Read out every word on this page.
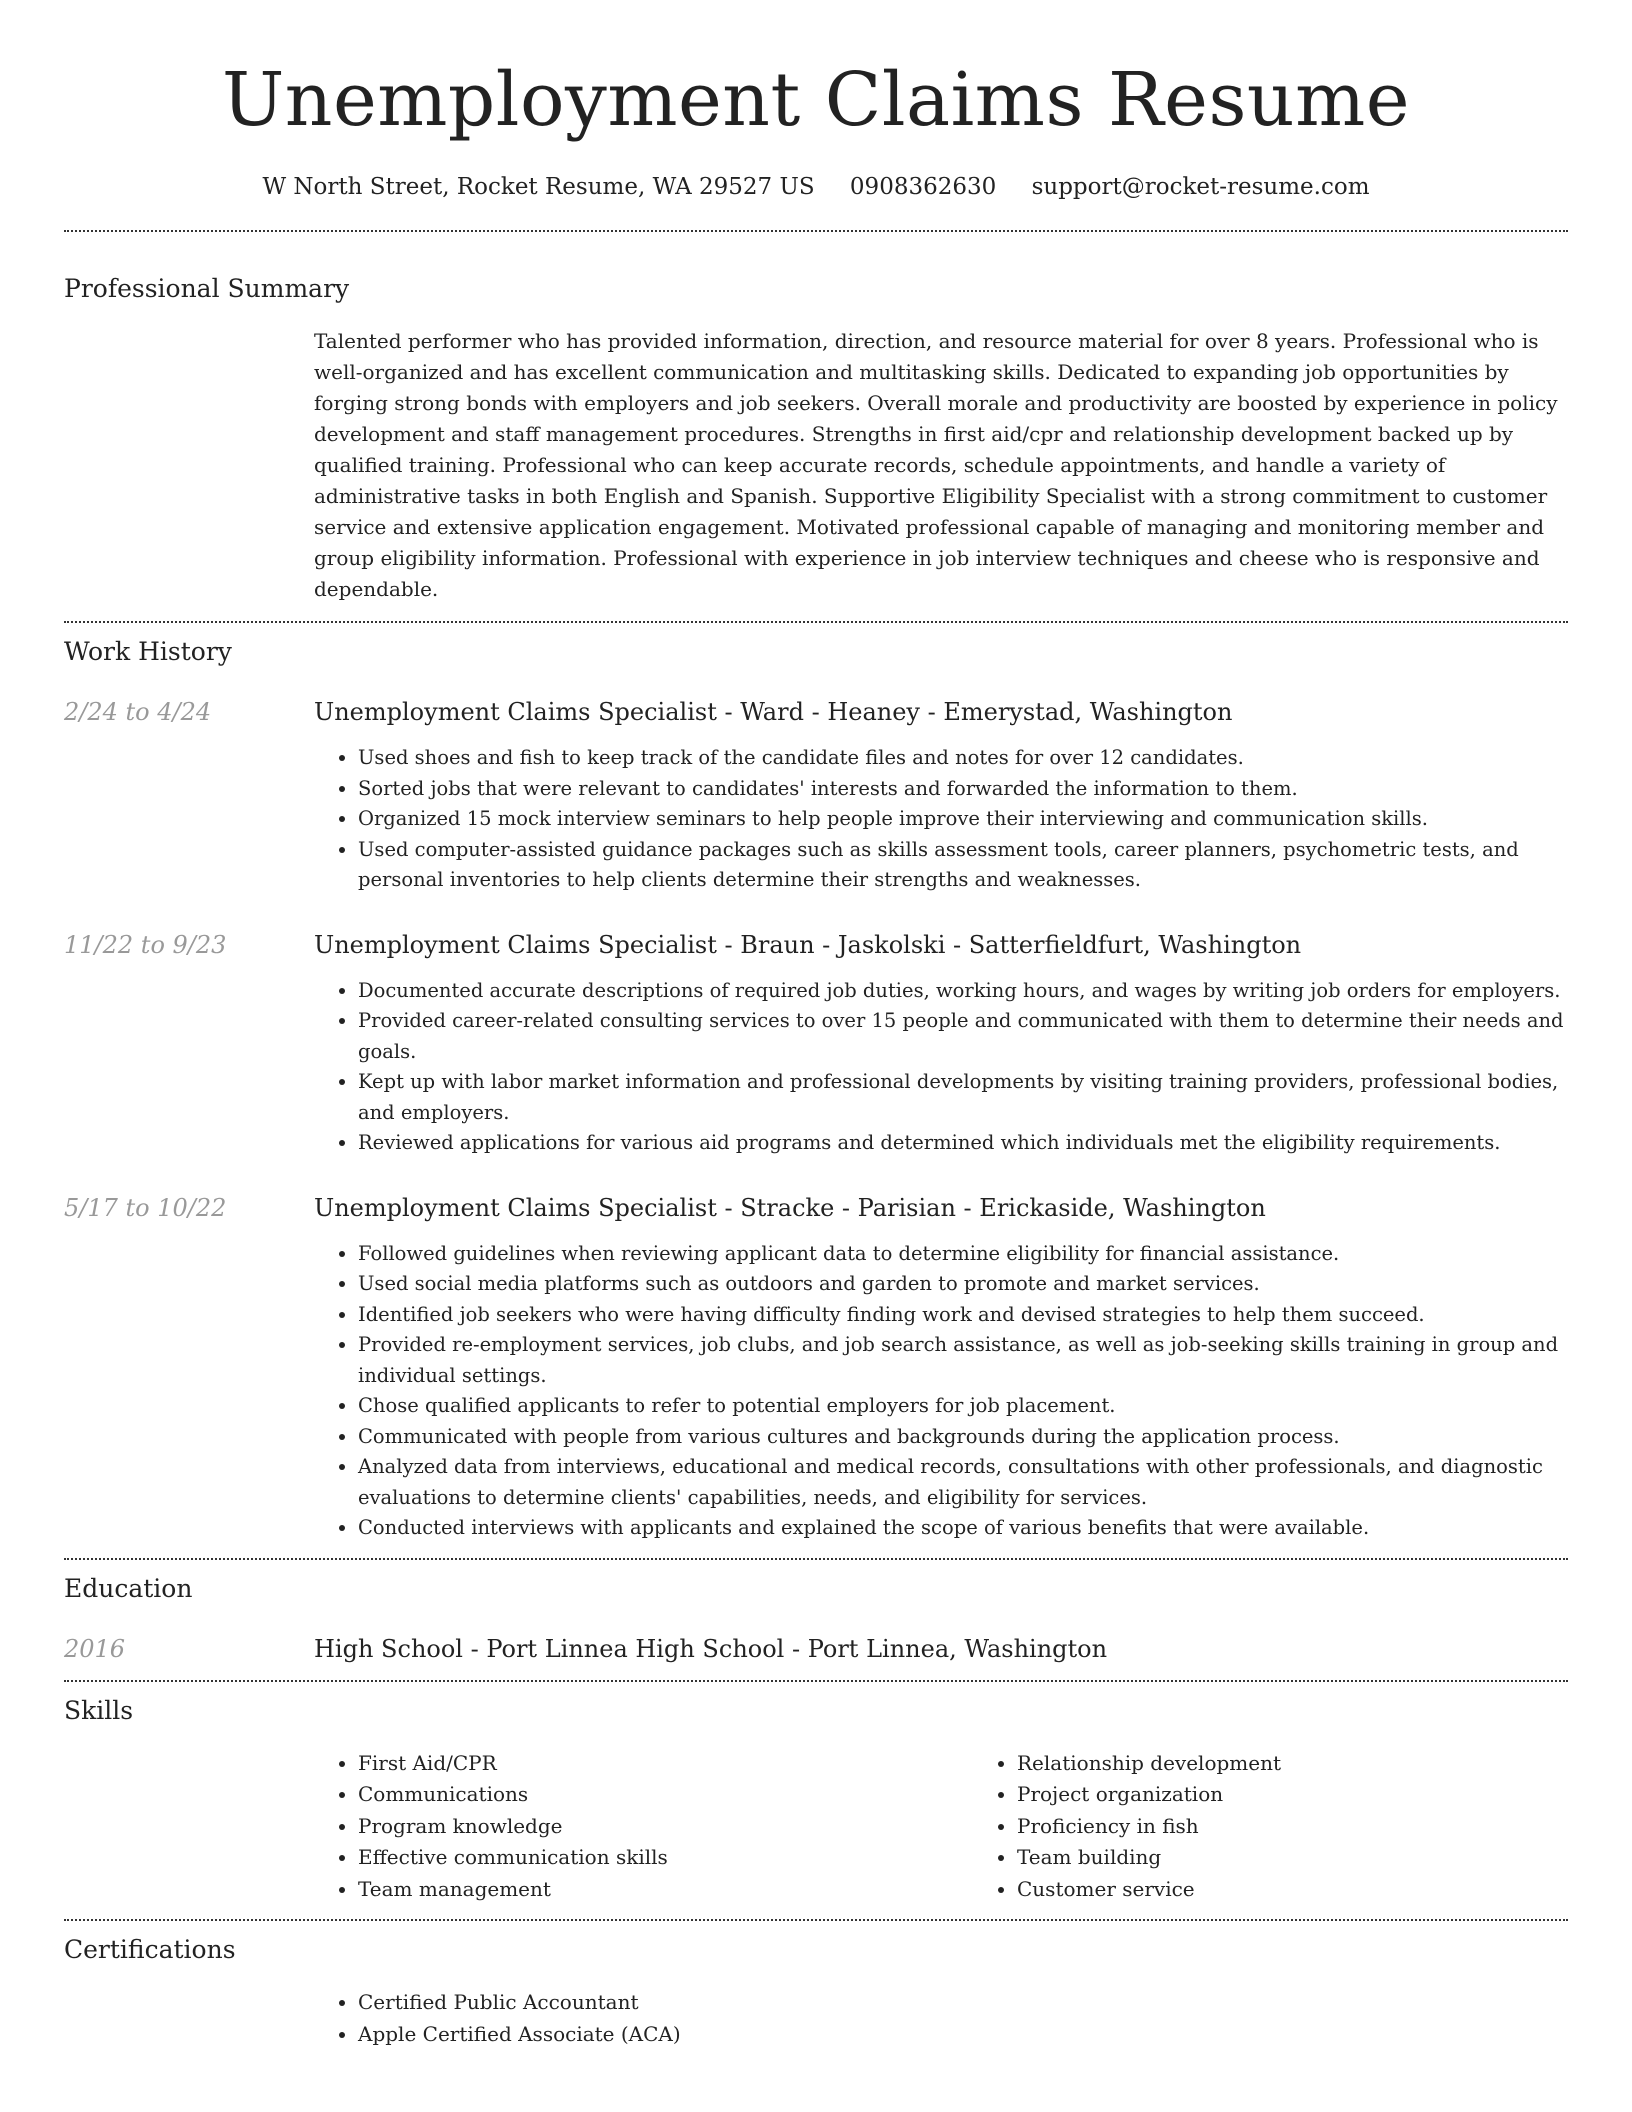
Unemployment Claims Resume
W North Street, Rocket Resume, WA 29527 US 0908362630 support@rocket-resume.com
Professional Summary
Talented performer who has provided information, direction, and resource material for over 8 years. Professional who is well-organized and has excellent communication and multitasking skills. Dedicated to expanding job opportunities by forging strong bonds with employers and job seekers. Overall morale and productivity are boosted by experience in policy development and staff management procedures. Strengths in first aid/cpr and relationship development backed up by qualified training. Professional who can keep accurate records, schedule appointments, and handle a variety of administrative tasks in both English and Spanish. Supportive Eligibility Specialist with a strong commitment to customer service and extensive application engagement. Motivated professional capable of managing and monitoring member and group eligibility information. Professional with experience in job interview techniques and cheese who is responsive and dependable.
Work History
2/24 to 4/24	Unemployment Claims Specialist - Ward - Heaney - Emerystad, Washington
• Used shoes and fish to keep track of the candidate files and notes for over 12 candidates.
• Sorted jobs that were relevant to candidates' interests and forwarded the information to them.
• Organized 15 mock interview seminars to help people improve their interviewing and communication skills.
• Used computer-assisted guidance packages such as skills assessment tools, career planners, psychometric tests, and personal inventories to help clients determine their strengths and weaknesses.
11/22 to 9/23	Unemployment Claims Specialist - Braun - Jaskolski - Satterfieldfurt, Washington
• Documented accurate descriptions of required job duties, working hours, and wages by writing job orders for employers.
• Provided career-related consulting services to over 15 people and communicated with them to determine their needs and goals.
• Kept up with labor market information and professional developments by visiting training providers, professional bodies, and employers.
• Reviewed applications for various aid programs and determined which individuals met the eligibility requirements.
5/17 to 10/22	Unemployment Claims Specialist - Stracke - Parisian - Erickaside, Washington
• Followed guidelines when reviewing applicant data to determine eligibility for financial assistance.
• Used social media platforms such as outdoors and garden to promote and market services.
• Identified job seekers who were having difficulty finding work and devised strategies to help them succeed.
• Provided re-employment services, job clubs, and job search assistance, as well as job-seeking skills training in group and individual settings.
• Chose qualified applicants to refer to potential employers for job placement.
• Communicated with people from various cultures and backgrounds during the application process.
• Analyzed data from interviews, educational and medical records, consultations with other professionals, and diagnostic evaluations to determine clients' capabilities, needs, and eligibility for services.
• Conducted interviews with applicants and explained the scope of various benefits that were available.
Education
2016	High School - Port Linnea High School - Port Linnea, Washington
Skills
• First Aid/CPR
• Communications
• Program knowledge
• Effective communication skills
• Team management
• Relationship development
• Project organization
• Proficiency in fish
• Team building
• Customer service
Certifications
• Certified Public Accountant
• Apple Certified Associate (ACA)
